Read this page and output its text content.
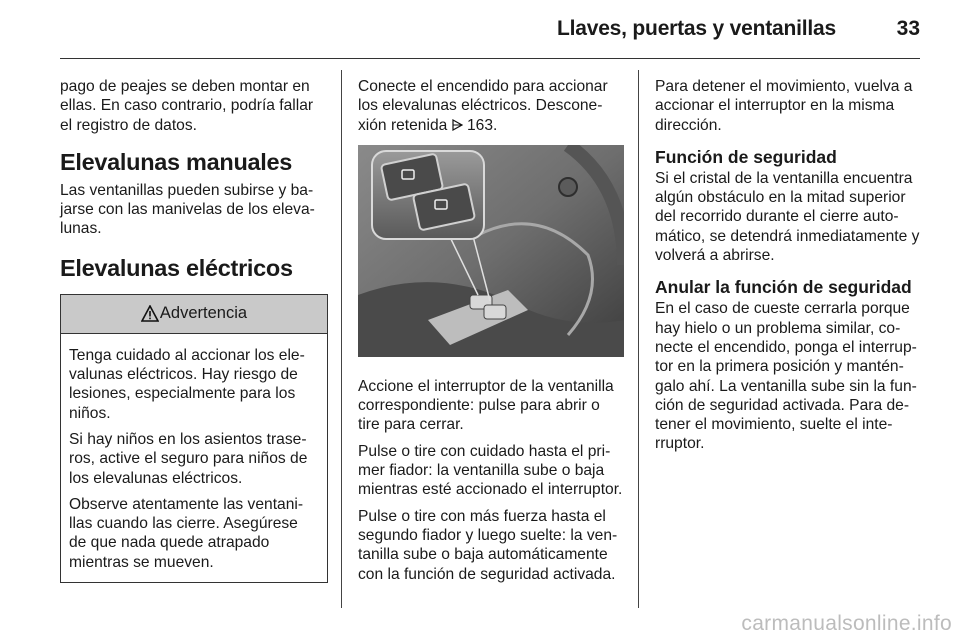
Llaves, puertas y ventanillas	33

pago de peajes se deben montar en ellas. En caso contrario, podría fallar el registro de datos.

Elevalunas manuales

Las ventanillas pueden subirse y bajarse con las manivelas de los elevalunas.

Elevalunas eléctricos
Advertencia

Tenga cuidado al accionar los elevalunas eléctricos. Hay riesgo de lesiones, especialmente para los niños.

Si hay niños en los asientos traseros, active el seguro para niños de los elevalunas eléctricos.

Observe atentamente las ventanillas cuando las cierre. Asegúrese de que nada quede atrapado mientras se mueven.

Conecte el encendido para accionar los elevalunas eléctricos. Desconexión retenida 163.

Accione el interruptor de la ventanilla correspondiente: pulse para abrir o tire para cerrar.

Pulse o tire con cuidado hasta el primer fiador: la ventanilla sube o baja mientras esté accionado el interruptor.

Pulse o tire con más fuerza hasta el segundo fiador y luego suelte: la ventanilla sube o baja automáticamente con la función de seguridad activada.

Para detener el movimiento, vuelva a accionar el interruptor en la misma dirección.

Función de seguridad

Si el cristal de la ventanilla encuentra algún obstáculo en la mitad superior del recorrido durante el cierre automático, se detendrá inmediatamente y volverá a abrirse.

Anular la función de seguridad

En el caso de cueste cerrarla porque hay hielo o un problema similar, conecte el encendido, ponga el interruptor en la primera posición y manténgalo ahí. La ventanilla sube sin la función de seguridad activada. Para detener el movimiento, suelte el interruptor.

carmanualsonline.info
